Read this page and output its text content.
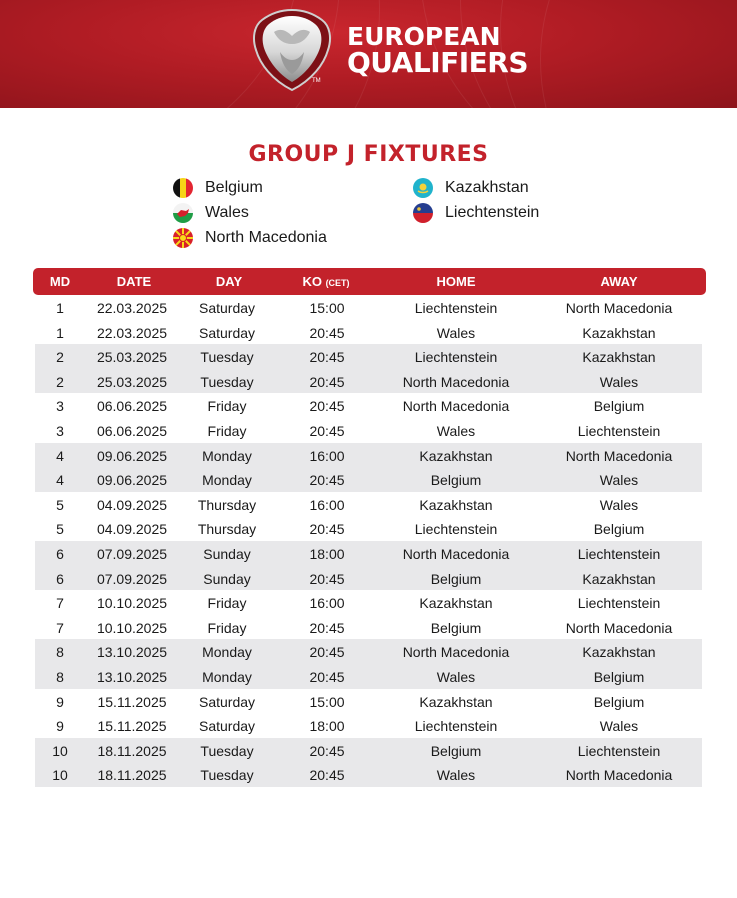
TM
EUROPEAN
QUALIFIERS
GROUP J FIXTURES
Belgium
Wales
North Macedonia
Kazakhstan
Liechtenstein
MD	DATE	DAY	KO (CET)	HOME	AWAY
1 22.03.2025 Saturday	15:00	Liechtenstein	North Macedonia
1 22.03.2025 Saturday	20:45	Wales	Kazakhstan
2 25.03.2025 Tuesday	20:45	Liechtenstein	Kazakhstan
2 25.03.2025 Tuesday	20:45	North Macedonia	Wales
3 06.06.2025	Friday	20:45	North Macedonia	Belgium
3 06.06.2025	Friday	20:45	Wales	Liechtenstein
4 09.06.2025	Monday	16:00	Kazakhstan	North Macedonia
4 09.06.2025	Monday	20:45	Belgium	Wales
5 04.09.2025 Thursday	16:00	Kazakhstan	Wales
5 04.09.2025 Thursday	20:45	Liechtenstein	Belgium
6 07.09.2025	Sunday	18:00	North Macedonia	Liechtenstein
6 07.09.2025	Sunday	20:45	Belgium	Kazakhstan
7 10.10.2025	Friday	16:00	Kazakhstan	Liechtenstein
7 10.10.2025	Friday	20:45	Belgium	North Macedonia
8 13.10.2025	Monday	20:45	North Macedonia	Kazakhstan
8 13.10.2025	Monday	20:45	Wales	Belgium
9 15.11.2025 Saturday	15:00	Kazakhstan	Belgium
9 15.11.2025 Saturday	18:00	Liechtenstein	Wales
10 18.11.2025 Tuesday	20:45	Belgium	Liechtenstein
10 18.11.2025 Tuesday	20:45	Wales	North Macedonia
